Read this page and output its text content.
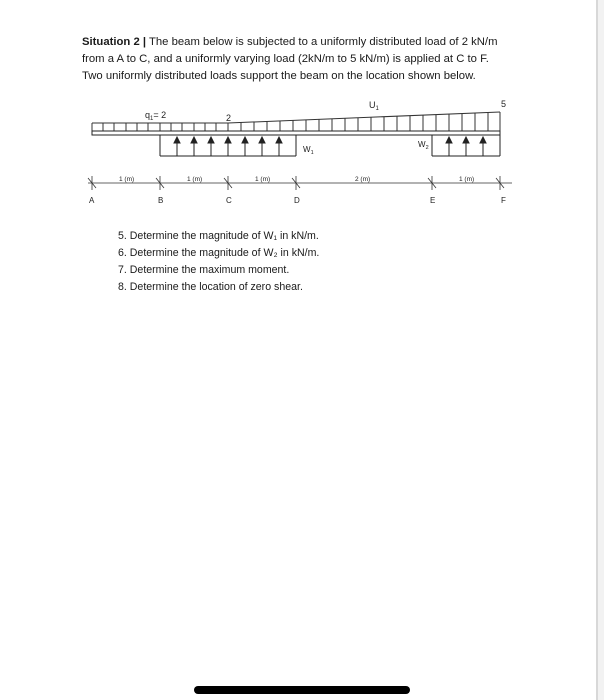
Situation 2 | The beam below is subjected to a uniformly distributed load of 2 kN/m
from a A to C, and a uniformly varying load (2kN/m to 5 kN/m) is applied at C to F.
Two uniformly distributed loads support the beam on the location shown below.
$q_1= 2$	2
$U_1$	5
$W_1$
$W_2$
1 (m)	1 (m)	1 (m)	2 (m)	1 (m)
A	B	C	D	E	F
5. Determine the magnitude of W₁ in kN/m.
6. Determine the magnitude of W₂ in kN/m.
7. Determine the maximum moment.
8. Determine the location of zero shear.
